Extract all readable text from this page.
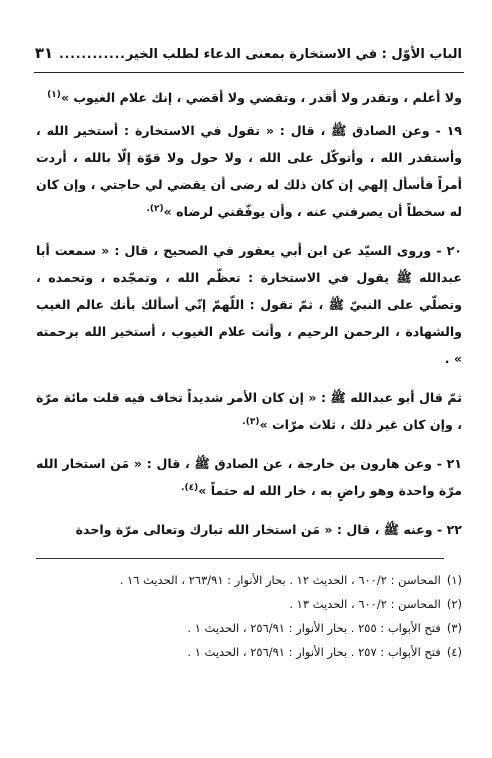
الباب الأوّل : في الاستخارة بمعنى الدعاء لطلب الخير
............
٣١

ولا أعلم ، وتقدر ولا أقدر ، وتقضي ولا أقضي ، إنك علام الغيوب »$^{(١)}$

١٩ - وعن الصادق ﷺ ، قال : « تقول في الاستخارة : أستخير الله ، وأستقدر الله ، وأتوكّل على الله ، ولا حول ولا قوّة إلّا بالله ، أردت أمراً فأسأل إلهي إن كان ذلك له رضى أن يقضي لي حاجتي ، وإن كان له سخطاً أن يصرفني عنه ، وأن يوفّقني لرضاه »$^{(٢).}$

٢٠ - وروى السيّد عن ابن أبي يعفور في الصحيح ، قال : « سمعت أبا عبدالله ﷺ يقول في الاستخارة : تعظّم الله ، وتمجّده ، وتحمده ، وتصلّي على النبيّ ﷺ ، ثمّ تقول : اللّهمّ إنّي أسألك بأنك عالم الغيب والشهادة ، الرحمن الرحيم ، وأنت علام الغيوب ، أستخير الله برحمته » .

ثمّ قال أبو عبدالله ﷺ : « إن كان الأمر شديداً تخاف فيه قلت مائة مرّة ، وإن كان غير ذلك ، ثلاث مرّات »$^{(٣).}$

٢١ - وعن هارون بن خارجة ، عن الصادق ﷺ ، قال : « مَن استخار الله مرّة واحدة وهو راضٍ به ، خار الله له حتماً »$^{(٤).}$

٢٢ - وعنه ﷺ ، قال : « مَن استخار الله تبارك وتعالى مرّة واحدة

(١)المحاسن : ٦٠٠/٢ ، الحديث ١٢ . بحار الأنوار : ٢٦٣/٩١ ، الحديث ١٦ .
(٢)المحاسن : ٦٠٠/٢ ، الحديث ١٣ .
(٣)فتح الأبواب : ٢٥٥ . بحار الأنوار : ٢٥٦/٩١ ، الحديث ١ .
(٤)فتح الأبواب : ٢٥٧ . بحار الأنوار : ٢٥٦/٩١ ، الحديث ١ .
